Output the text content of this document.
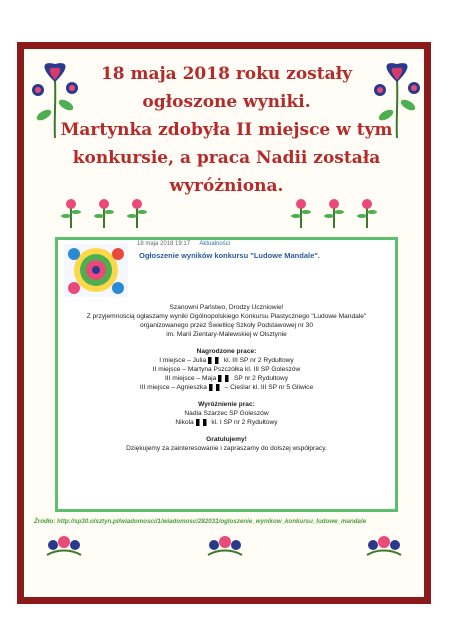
18 maja 2018 roku zostały
ogłoszone wyniki.
Martynka zdobyła II miejsce w tym
konkursie, a praca Nadii została
wyróżniona.
18 maja 2018 19:17 Aktualności
Ogłoszenie wyników konkursu "Ludowe Mandale".

Szanowni Państwo, Drodzy Uczniowie!

Z przyjemnością ogłaszamy wyniki Ogólnopolskiego Konkursu Plastycznego "Ludowe Mandale"

organizowanego przez Świetlicę Szkoły Podstawowej nr 30

im. Marii Zientary-Malewskiej w Olsztynie

Nagrodzone prace:

I miejsce – Julia	kl. III SP nr 2 Rydułtowy

II miejsce – Martyna Pszczółka kl. III SP Goleszów

III miejsce – Maja	SP nr 2 Rydułtowy

III miejsce – Agnieszka	– Cieślar kl. III SP nr 5 Gliwice

Wyróżnienie prac:

Nadia Szarzec SP Goleszów

Nikola	kl. I SP nr 2 Rydułtowy

Gratulujemy!

Dziękujemy za zainteresowanie i zapraszamy do dolszej współpracy.

Źródło: http://sp30.olsztyn.pl/wiadomosci/1/wiadomosc/282031/ogloszenie_wynikow_konkursu_ludowe_mandale
